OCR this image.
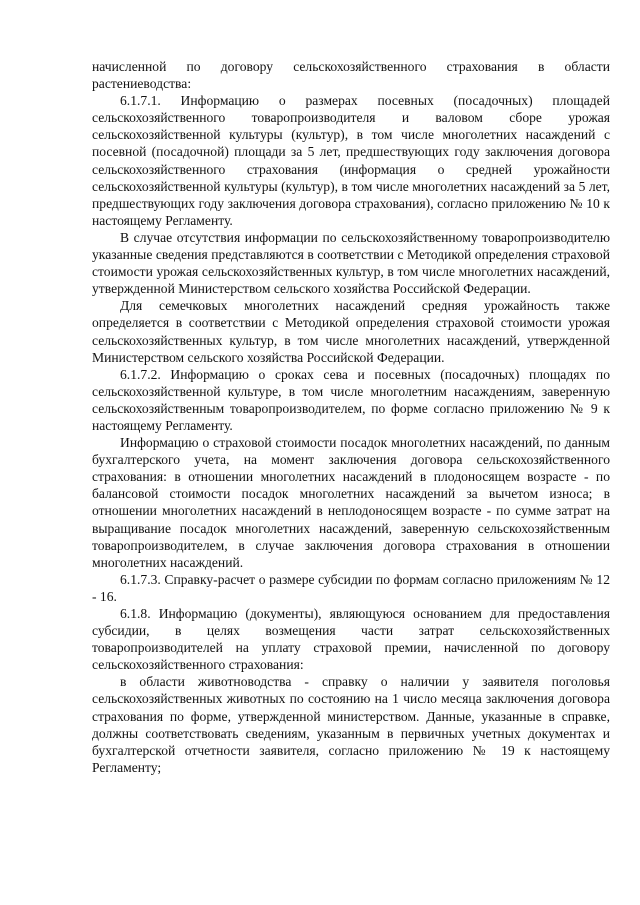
начисленной по договору сельскохозяйственного страхования в области растениеводства:

6.1.7.1. Информацию о размерах посевных (посадочных) площадей сельскохозяйственного товаропроизводителя и валовом сборе урожая сельскохозяйственной культуры (культур), в том числе многолетних насаждений с посевной (посадочной) площади за 5 лет, предшествующих году заключения договора сельскохозяйственного страхования (информация о средней урожайности сельскохозяйственной культуры (культур), в том числе многолетних насаждений за 5 лет, предшествующих году заключения договора страхования), согласно приложению № 10 к настоящему Регламенту.

В случае отсутствия информации по сельскохозяйственному товаропроизводителю указанные сведения представляются в соответствии с Методикой определения страховой стоимости урожая сельскохозяйственных культур, в том числе многолетних насаждений, утвержденной Министерством сельского хозяйства Российской Федерации.

Для семечковых многолетних насаждений средняя урожайность также определяется в соответствии с Методикой определения страховой стоимости урожая сельскохозяйственных культур, в том числе многолетних насаждений, утвержденной Министерством сельского хозяйства Российской Федерации.

6.1.7.2. Информацию о сроках сева и посевных (посадочных) площадях по сельскохозяйственной культуре, в том числе многолетним насаждениям, заверенную сельскохозяйственным товаропроизводителем, по форме согласно приложению № 9 к настоящему Регламенту.

Информацию о страховой стоимости посадок многолетних насаждений, по данным бухгалтерского учета, на момент заключения договора сельскохозяйственного страхования: в отношении многолетних насаждений в плодоносящем возрасте - по балансовой стоимости посадок многолетних насаждений за вычетом износа; в отношении многолетних насаждений в неплодоносящем возрасте - по сумме затрат на выращивание посадок многолетних насаждений, заверенную сельскохозяйственным товаропроизводителем, в случае заключения договора страхования в отношении многолетних насаждений.

6.1.7.3. Справку-расчет о размере субсидии по формам согласно приложениям № 12 - 16.

6.1.8. Информацию (документы), являющуюся основанием для предоставления субсидии, в целях возмещения части затрат сельскохозяйственных товаропроизводителей на уплату страховой премии, начисленной по договору сельскохозяйственного страхования:

в области животноводства - справку о наличии у заявителя поголовья сельскохозяйственных животных по состоянию на 1 число месяца заключения договора страхования по форме, утвержденной министерством. Данные, указанные в справке, должны соответствовать сведениям, указанным в первичных учетных документах и бухгалтерской отчетности заявителя, согласно приложению № 19 к настоящему Регламенту;
